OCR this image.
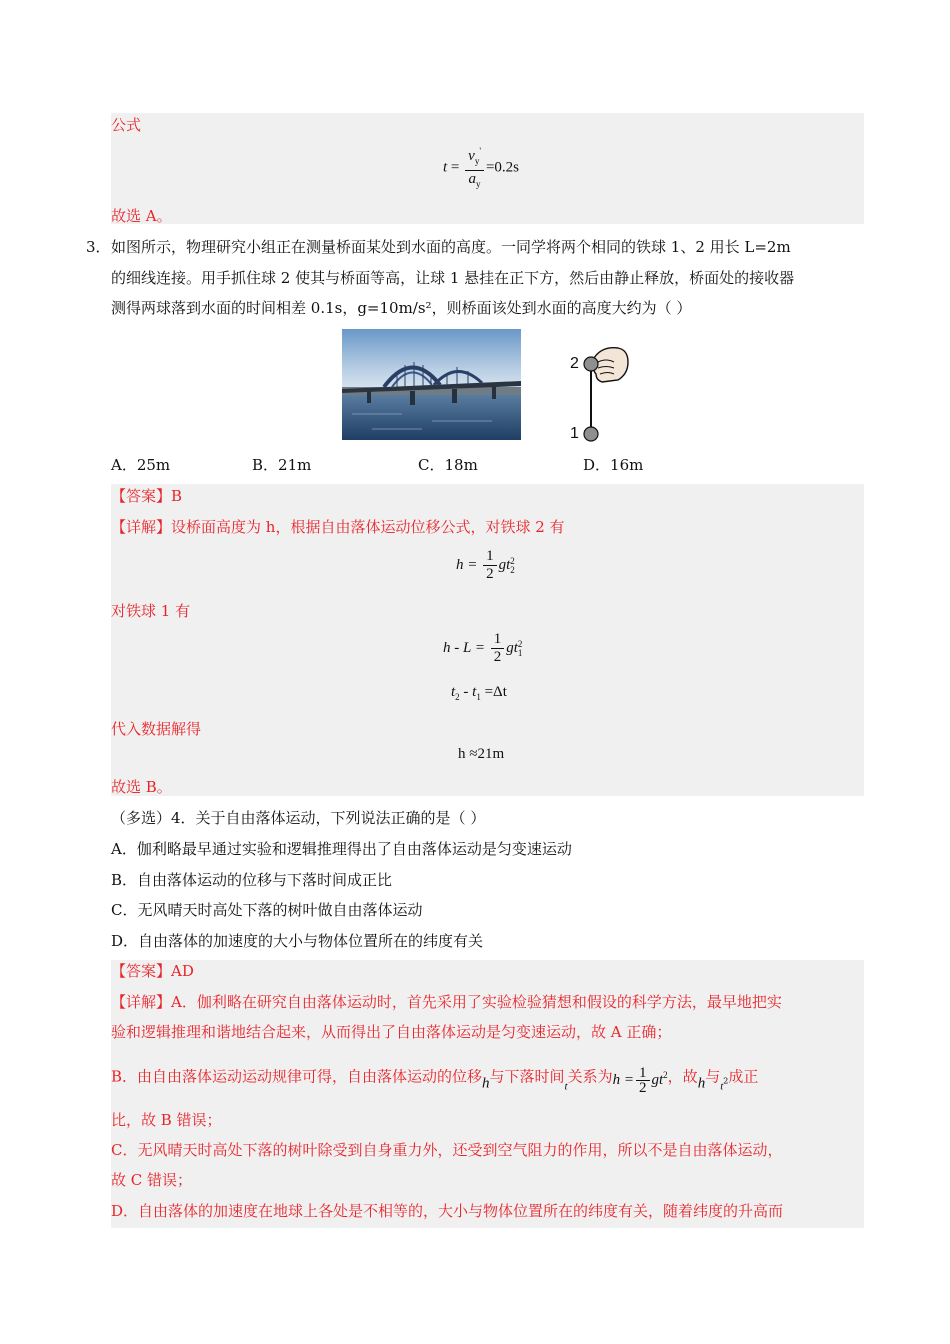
公式
$t = \frac{v_y'}{a_y} =0.2s$
故选 A。
3． 如图所示，物理研究小组正在测量桥面某处到水面的高度。一同学将两个相同的铁球 1、2 用长 L=2m
的细线连接。用手抓住球 2 使其与桥面等高，让球 1 悬挂在正下方，然后由静止释放，桥面处的接收器
测得两球落到水面的时间相差 0.1s，g=10m/s²，则桥面该处到水面的高度大约为（ ）
2
1
A．25m	B．21m	C．18m	D．16m
【答案】B
【详解】设桥面高度为 h，根据自由落体运动位移公式，对铁球 2 有
$h = \frac{1}{2}$ gt 2
2
对铁球 1 有
$h - L = \frac{1}{2}$ gt 2
1
$t_2 - t_1 =\Delta t$
代入数据解得
h ≈21m
故选 B。
（多选）4．关于自由落体运动，下列说法正确的是（ ）
A．伽利略最早通过实验和逻辑推理得出了自由落体运动是匀变速运动
B．自由落体运动的位移与下落时间成正比
C．无风晴天时高处下落的树叶做自由落体运动
D．自由落体的加速度的大小与物体位置所在的纬度有关
【答案】AD
【详解】A．伽利略在研究自由落体运动时，首先采用了实验检验猜想和假设的科学方法，最早地把实
验和逻辑推理和谐地结合起来，从而得出了自由落体运动是匀变速运动，故 A 正确；
B．由自由落体运动运动规律可得，自由落体运动的位移h与下落时间$_t$关系为$h = \frac{1}{2} gt^2$，故h与$_t$2成正
比，故 B 错误；
C．无风晴天时高处下落的树叶除受到自身重力外，还受到空气阻力的作用，所以不是自由落体运动，
故 C 错误；
D．自由落体的加速度在地球上各处是不相等的，大小与物体位置所在的纬度有关，随着纬度的升高而
